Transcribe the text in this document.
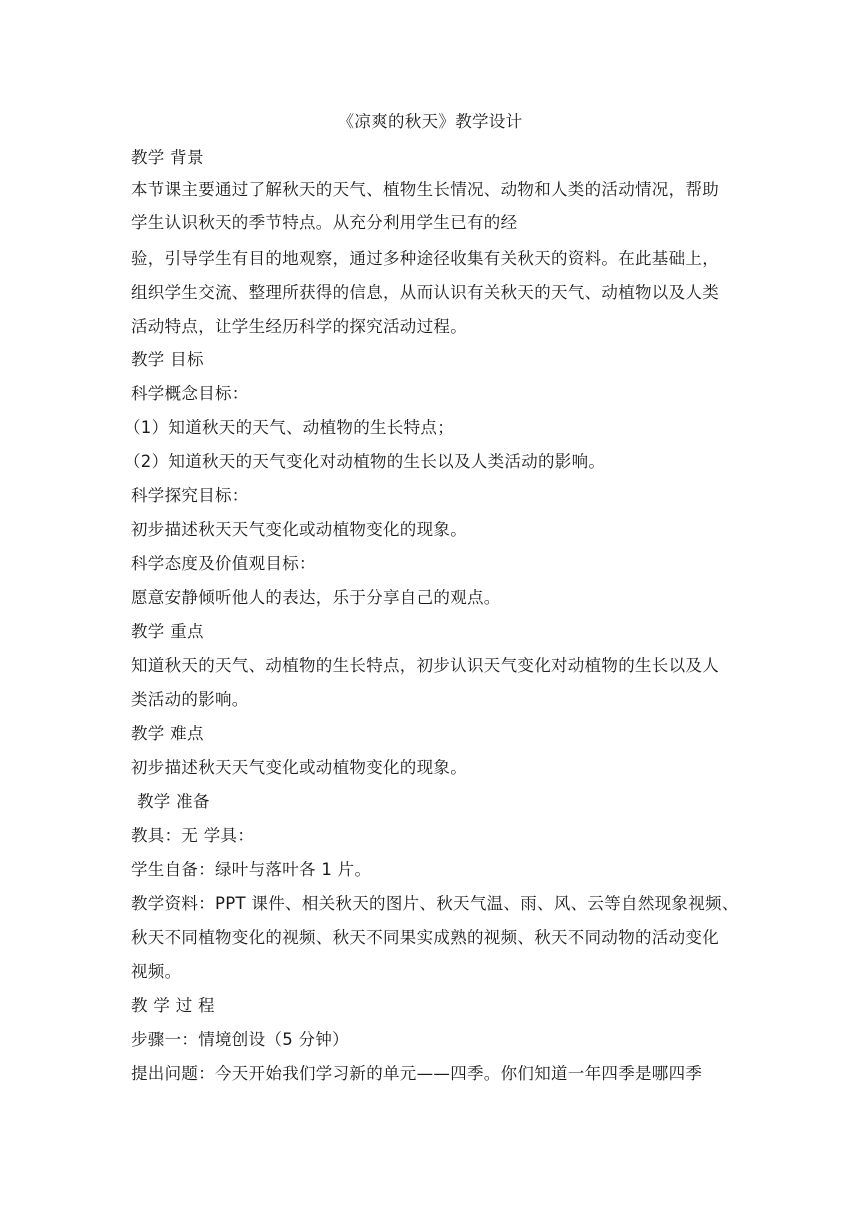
《凉爽的秋天》教学设计
教学 背景
本节课主要通过了解秋天的天气、植物生长情况、动物和人类的活动情况，帮助
学生认识秋天的季节特点。从充分利用学生已有的经
验，引导学生有目的地观察，通过多种途径收集有关秋天的资料。在此基础上，
组织学生交流、整理所获得的信息，从而认识有关秋天的天气、动植物以及人类
活动特点，让学生经历科学的探究活动过程。
教学 目标
科学概念目标：
（1）知道秋天的天气、动植物的生长特点；
（2）知道秋天的天气变化对动植物的生长以及人类活动的影响。
科学探究目标：
初步描述秋天天气变化或动植物变化的现象。
科学态度及价值观目标：
愿意安静倾听他人的表达，乐于分享自己的观点。
教学 重点
知道秋天的天气、动植物的生长特点，初步认识天气变化对动植物的生长以及人
类活动的影响。
教学 难点
初步描述秋天天气变化或动植物变化的现象。
教学 准备
教具：无 学具：
学生自备：绿叶与落叶各 1 片。
教学资料：PPT 课件、相关秋天的图片、秋天气温、雨、风、云等自然现象视频、
秋天不同植物变化的视频、秋天不同果实成熟的视频、秋天不同动物的活动变化
视频。
教 学 过 程
步骤一：情境创设（5 分钟）
提出问题：今天开始我们学习新的单元——四季。你们知道一年四季是哪四季
